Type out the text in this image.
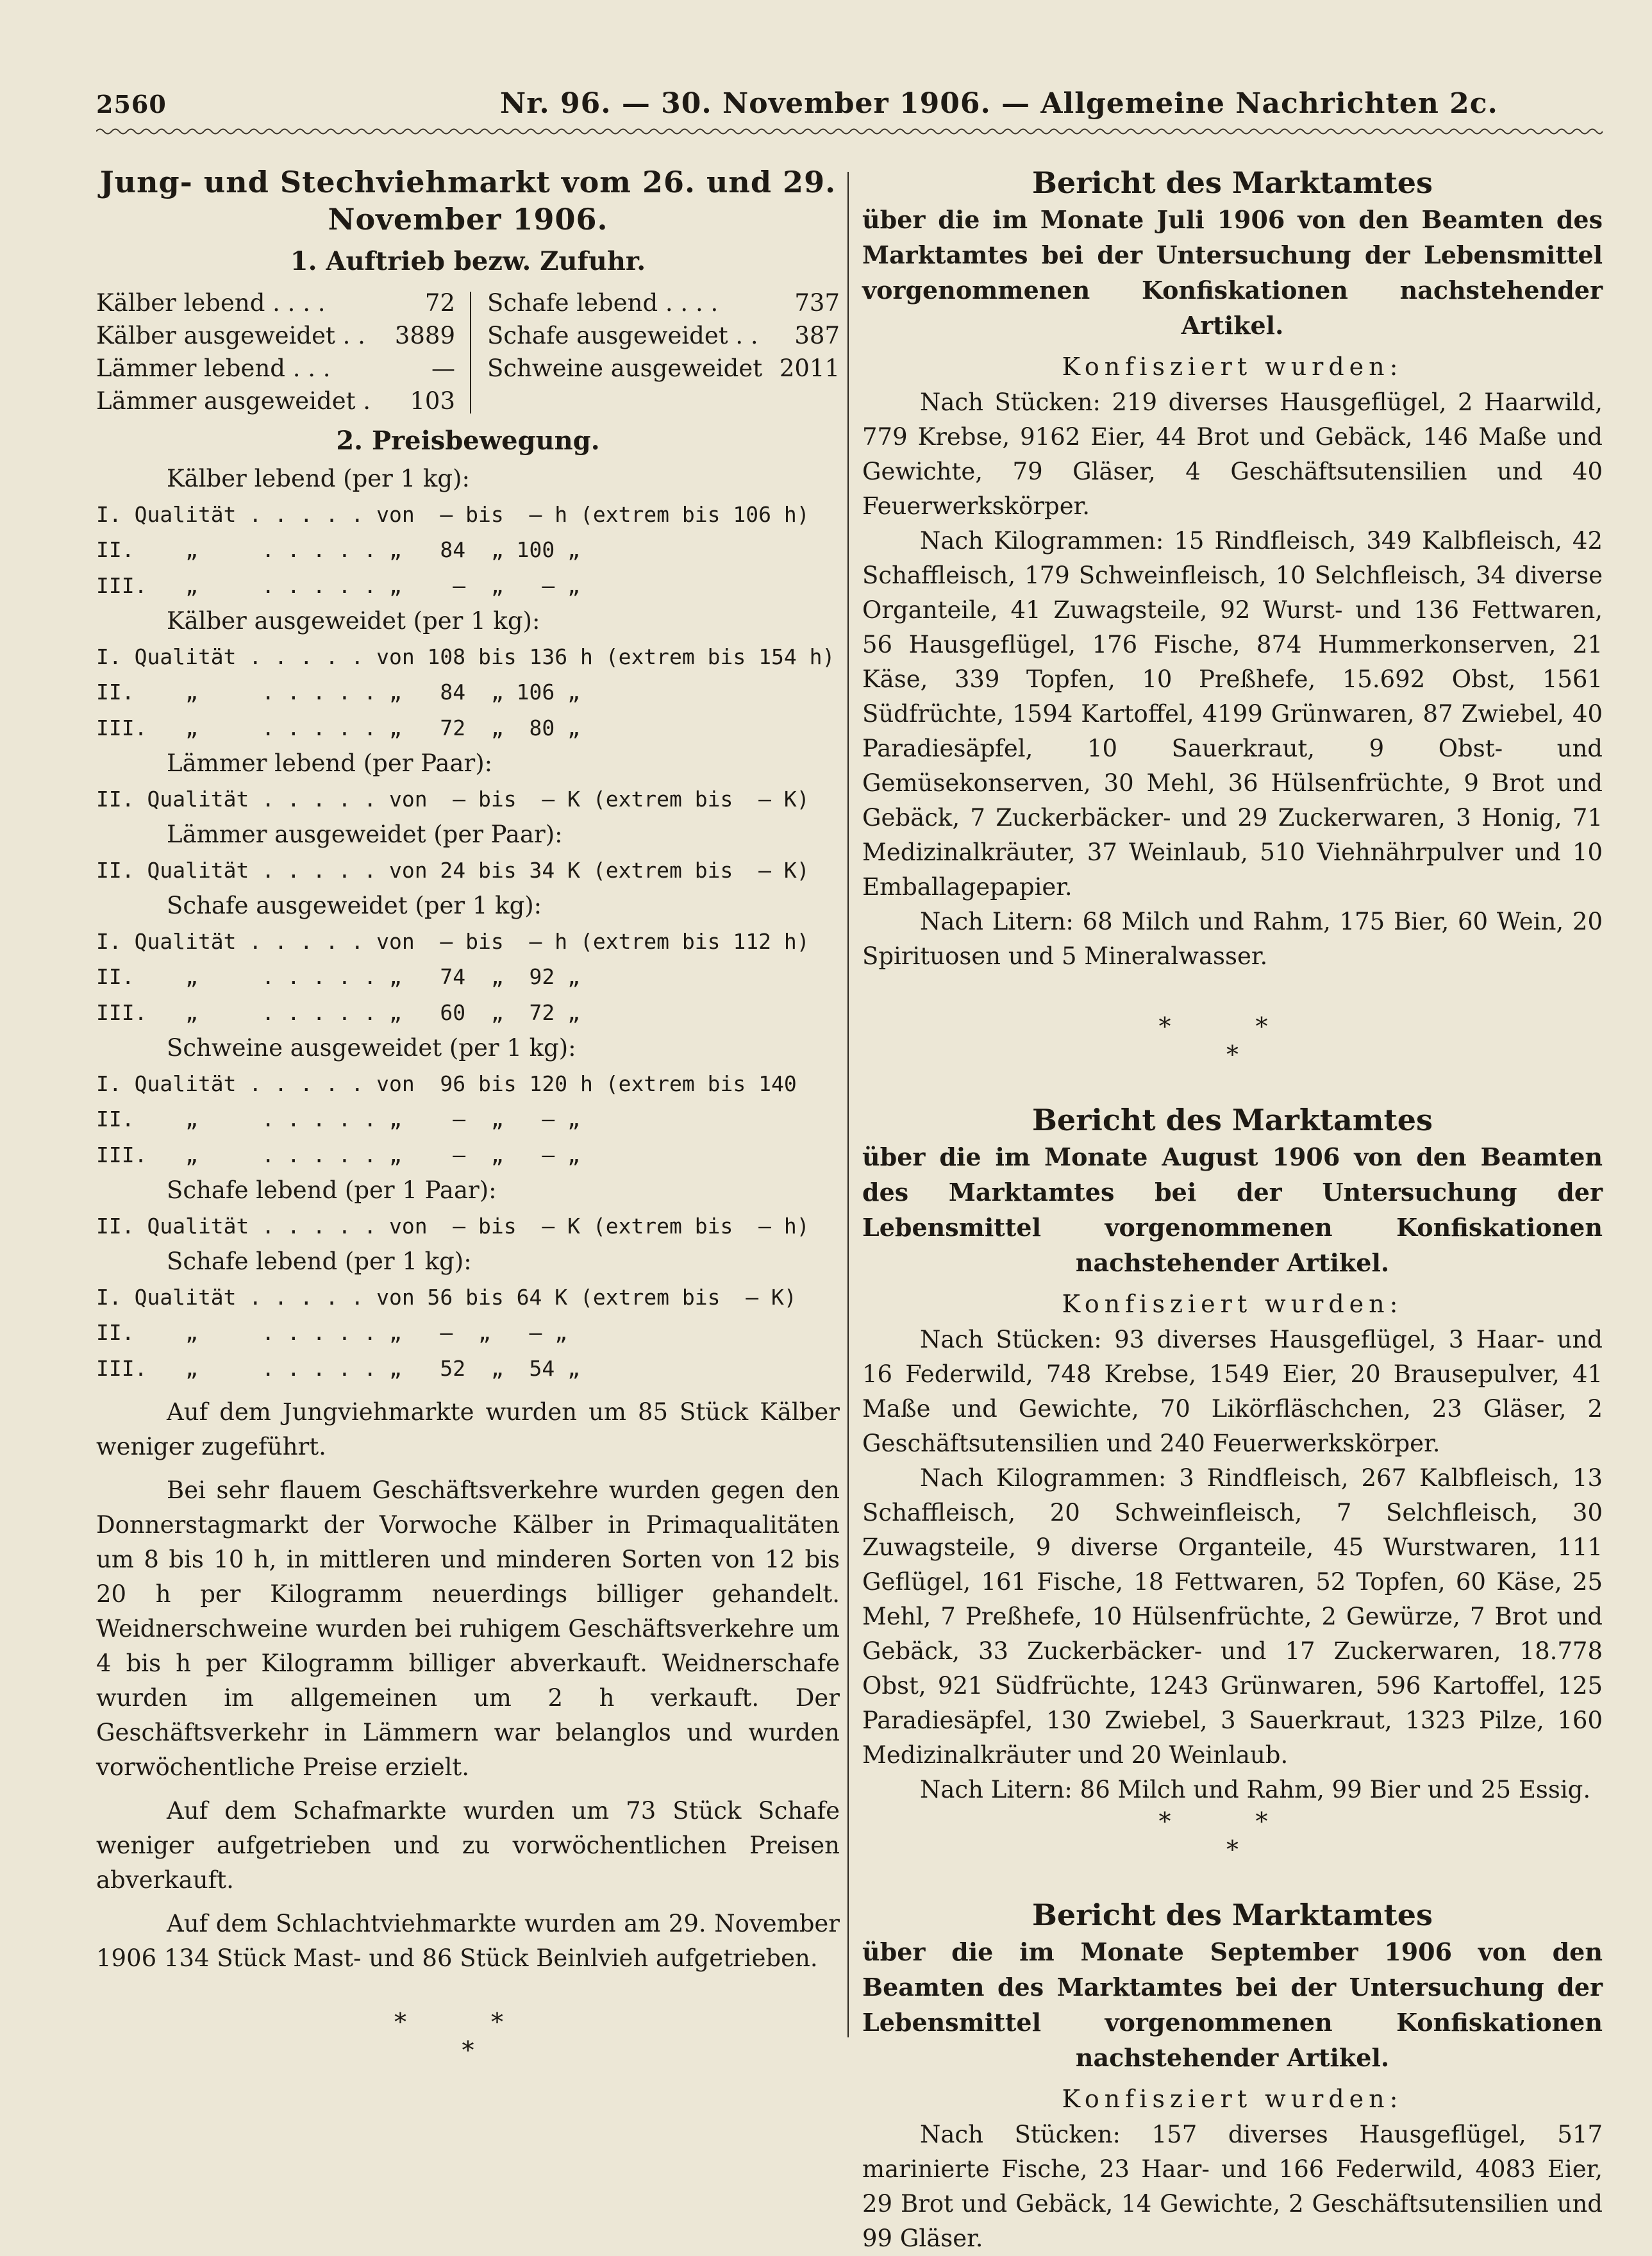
2560	Nr. 96. — 30. November 1906. — Allgemeine Nachrichten 2c.
Jung- und Stechviehmarkt vom 26. und 29. November 1906.
1. Auftrieb bezw. Zufuhr.
Kälber lebend . . . .	72
Kälber ausgeweidet . . 3889
Lämmer lebend . . .	—
Lämmer ausgeweidet . 103
Schafe lebend . . . .	737
Schafe ausgeweidet . . 387
Schweine ausgeweidet 2011
2. Preisbewegung.
Kälber lebend (per 1 kg):
I. Qualität . . . . . von  — bis  — h (extrem bis 106 h)
II.    „     . . . . . „   84  „ 100 „
III.   „     . . . . . „    —  „   — „
Kälber ausgeweidet (per 1 kg):
I. Qualität . . . . . von 108 bis 136 h (extrem bis 154 h)
II.    „     . . . . . „   84  „ 106 „
III.   „     . . . . . „   72  „  80 „
Lämmer lebend (per Paar):
II. Qualität . . . . . von  — bis  — K (extrem bis  — K)
Lämmer ausgeweidet (per Paar):
II. Qualität . . . . . von 24 bis 34 K (extrem bis  — K)
Schafe ausgeweidet (per 1 kg):
I. Qualität . . . . . von  — bis  — h (extrem bis 112 h)
II.    „     . . . . . „   74  „  92 „
III.   „     . . . . . „   60  „  72 „
Schweine ausgeweidet (per 1 kg):
I. Qualität . . . . . von  96 bis 120 h (extrem bis 140
II.    „     . . . . . „    —  „   — „
III.   „     . . . . . „    —  „   — „
Schafe lebend (per 1 Paar):
II. Qualität . . . . . von  — bis  — K (extrem bis  — h)
Schafe lebend (per 1 kg):
I. Qualität . . . . . von 56 bis 64 K (extrem bis  — K)
II.    „     . . . . . „   —  „   — „
III.   „     . . . . . „   52  „  54 „

Auf dem Jungviehmarkte wurden um 85 Stück Kälber weniger zugeführt.

Bei sehr flauem Geschäftsverkehre wurden gegen den Donnerstagmarkt der Vorwoche Kälber in Primaqualitäten um 8 bis 10 h, in mittleren und minderen Sorten von 12 bis 20 h per Kilogramm neuerdings billiger gehandelt. Weidnerschweine wurden bei ruhigem Geschäftsverkehre um 4 bis h per Kilogramm billiger abverkauft. Weidnerschafe wurden im allgemeinen um 2 h verkauft. Der Geschäftsverkehr in Lämmern war belanglos und wurden vorwöchentliche Preise erzielt.

Auf dem Schafmarkte wurden um 73 Stück Schafe weniger aufgetrieben und zu vorwöchentlichen Preisen abverkauft.

Auf dem Schlachtviehmarkte wurden am 29. November 1906 134 Stück Mast- und 86 Stück Beinlvieh aufgetrieben.

* *
*
Bericht des Marktamtes

über die im Monate Juli 1906 von den Beamten des Marktamtes bei der Untersuchung der Lebensmittel vorgenommenen Konfiskationen nachstehender Artikel.

Konfisziert wurden:

Nach Stücken: 219 diverses Hausgeflügel, 2 Haarwild, 779 Krebse, 9162 Eier, 44 Brot und Gebäck, 146 Maße und Gewichte, 79 Gläser, 4 Geschäftsutensilien und 40 Feuerwerkskörper.

Nach Kilogrammen: 15 Rindfleisch, 349 Kalbfleisch, 42 Schaffleisch, 179 Schweinfleisch, 10 Selchfleisch, 34 diverse Organteile, 41 Zuwagsteile, 92 Wurst- und 136 Fettwaren, 56 Hausgeflügel, 176 Fische, 874 Hummerkonserven, 21 Käse, 339 Topfen, 10 Preßhefe, 15.692 Obst, 1561 Südfrüchte, 1594 Kartoffel, 4199 Grünwaren, 87 Zwiebel, 40 Paradiesäpfel, 10 Sauerkraut, 9 Obst- und Gemüsekonserven, 30 Mehl, 36 Hülsenfrüchte, 9 Brot und Gebäck, 7 Zuckerbäcker- und 29 Zuckerwaren, 3 Honig, 71 Medizinalkräuter, 37 Weinlaub, 510 Viehnährpulver und 10 Emballagepapier.

Nach Litern: 68 Milch und Rahm, 175 Bier, 60 Wein, 20 Spirituosen und 5 Mineralwasser.

* *
*
Bericht des Marktamtes

über die im Monate August 1906 von den Beamten des Marktamtes bei der Untersuchung der Lebensmittel vorgenommenen Konfiskationen nachstehender Artikel.

Konfisziert wurden:

Nach Stücken: 93 diverses Hausgeflügel, 3 Haar- und 16 Federwild, 748 Krebse, 1549 Eier, 20 Brausepulver, 41 Maße und Gewichte, 70 Likörfläschchen, 23 Gläser, 2 Geschäftsutensilien und 240 Feuerwerkskörper.

Nach Kilogrammen: 3 Rindfleisch, 267 Kalbfleisch, 13 Schaffleisch, 20 Schweinfleisch, 7 Selchfleisch, 30 Zuwagsteile, 9 diverse Organteile, 45 Wurstwaren, 111 Geflügel, 161 Fische, 18 Fettwaren, 52 Topfen, 60 Käse, 25 Mehl, 7 Preßhefe, 10 Hülsenfrüchte, 2 Gewürze, 7 Brot und Gebäck, 33 Zuckerbäcker- und 17 Zuckerwaren, 18.778 Obst, 921 Südfrüchte, 1243 Grünwaren, 596 Kartoffel, 125 Paradiesäpfel, 130 Zwiebel, 3 Sauerkraut, 1323 Pilze, 160 Medizinalkräuter und 20 Weinlaub.

Nach Litern: 86 Milch und Rahm, 99 Bier und 25 Essig.

* *
*
Bericht des Marktamtes

über die im Monate September 1906 von den Beamten des Marktamtes bei der Untersuchung der Lebensmittel vorgenommenen Konfiskationen nachstehender Artikel.

Konfisziert wurden:

Nach Stücken: 157 diverses Hausgeflügel, 517 marinierte Fische, 23 Haar- und 166 Federwild, 4083 Eier, 29 Brot und Gebäck, 14 Gewichte, 2 Geschäftsutensilien und 99 Gläser.
